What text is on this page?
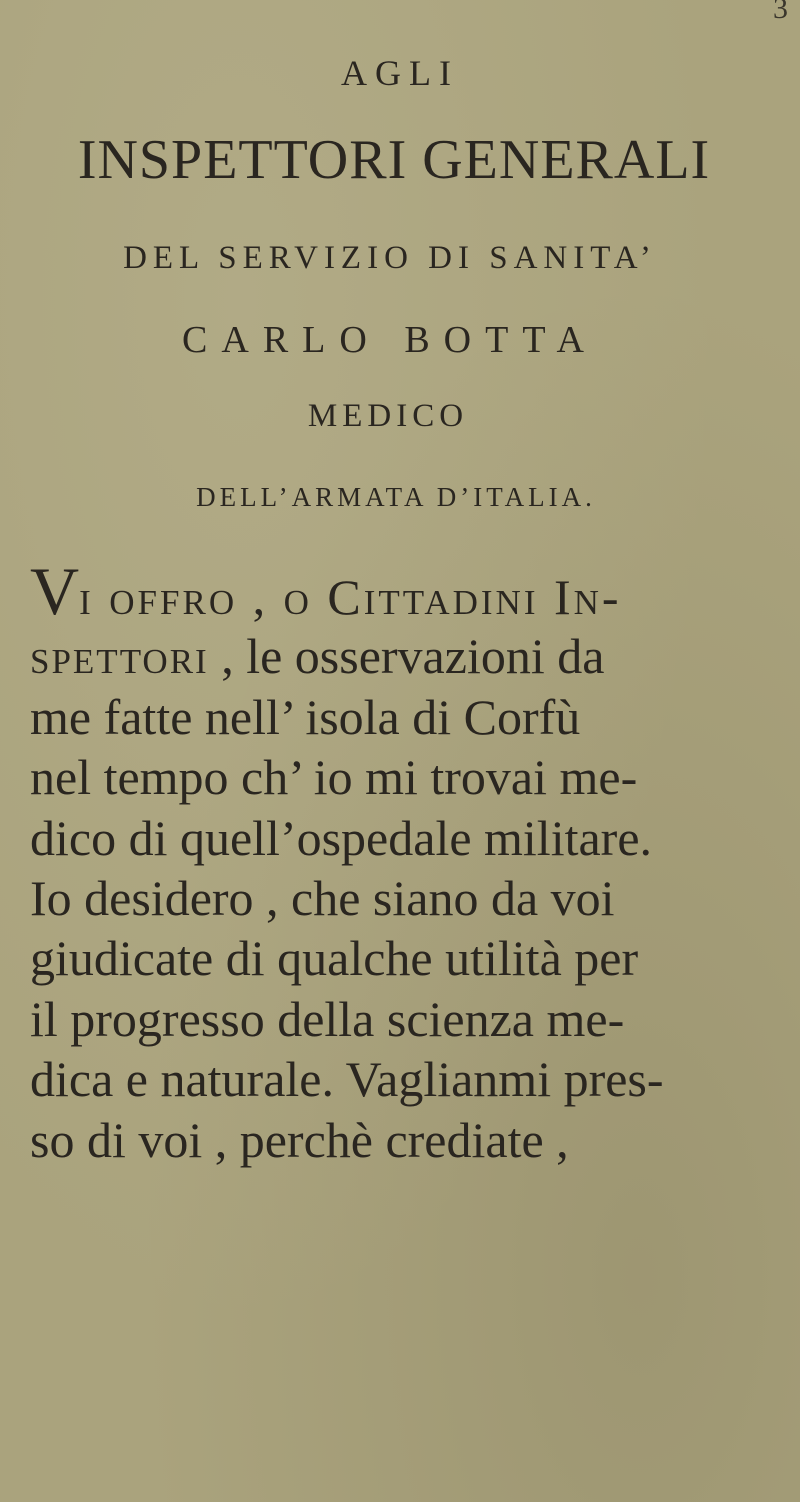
3
AGLI
INSPETTORI GENERALI
DEL SERVIZIO DI SANITA’
CARLO BOTTA
MEDICO
DELL’ARMATA D’ITALIA.
Vi offro , o Cittadini In-
spettori , le osservazioni da
me fatte nell’ isola di Corfù
nel tempo ch’ io mi trovai me-
dico di quell’ospedale militare.
Io desidero , che siano da voi
giudicate di qualche utilità per
il progresso della scienza me-
dica e naturale. Vaglianmi pres-
so di voi , perchè crediate ,
